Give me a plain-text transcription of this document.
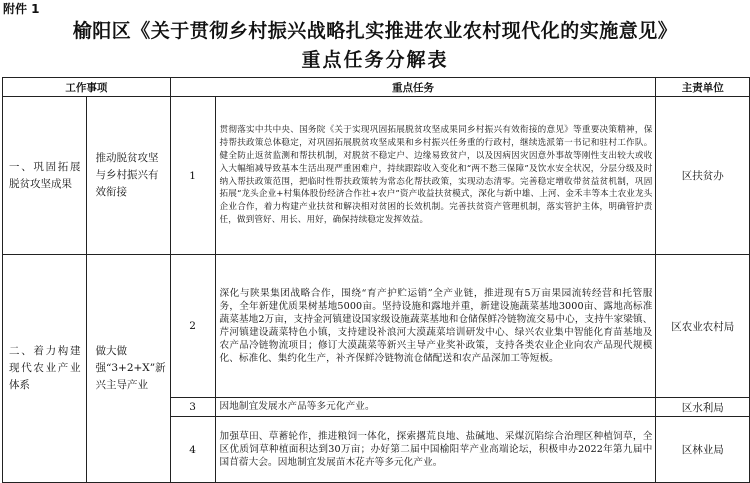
附件 1
榆阳区《关于贯彻乡村振兴战略扎实推进农业农村现代化的实施意见》
重点任务分解表
工作事项		重点任务		主责单位
一、巩固拓展脱贫攻坚成果	推动脱贫攻坚与乡村振兴有效衔接	1	贯彻落实中共中央、国务院《关于实现巩固拓展脱贫攻坚成果同乡村振兴有效衔接的意见》等重要决策精神，保持帮扶政策总体稳定，对巩固拓展脱贫攻坚成果和乡村振兴任务重的行政村，继续选派第一书记和驻村工作队。健全防止返贫监测和帮扶机制，对脱贫不稳定户、边缘易致贫户，以及因病因灾因意外事故等刚性支出较大或收入大幅缩减导致基本生活出现严重困难户，持续跟踪收入变化和“两不愁三保障”及饮水安全状况，分层分级及时纳入帮扶政策范围，把临时性帮扶政策转为常态化帮扶政策，实现动态清零。完善稳定增收带贫益贫机制，巩固拓展“龙头企业+村集体股份经济合作社+农户”资产收益扶贫模式，深化与新中雄、上河、金禾丰等本土农业龙头企业合作，着力构建产业扶贫和解决相对贫困的长效机制。完善扶贫资产管理机制，落实管护主体，明确管护责任，做到管好、用长、用好，确保持续稳定发挥效益。	区扶贫办
二、着力构建现代农业产业体系	做大做强“3+2+X”新兴主导产业	2	深化与陕果集团战略合作，围绕“育产护贮运销”全产业链，推进现有5万亩果园流转经营和托管服务，全年新建优质果树基地5000亩。坚持设施和露地并重，新建设施蔬菜基地3000亩、露地高标准蔬菜基地2万亩，支持金河镇建设国家级设施蔬菜基地和仓储保鲜冷链物流交易中心，支持牛家梁镇、芹河镇建设蔬菜特色小镇，支持建设补浪河大漠蔬菜培训研发中心、绿兴农业集中智能化育苗基地及农产品冷链物流项目；修订大漠蔬菜等新兴主导产业奖补政策，支持各类农业企业向农产品现代规模化、标准化、集约化生产，补齐保鲜冷链物流仓储配送和农产品深加工等短板。	区农业农村局
		3	因地制宜发展水产品等多元化产业。	区水利局
		4	加强草田、草蓄轮作，推进粮饲一体化，探索撂荒良地、盐碱地、采煤沉陷综合治理区种植饲草，全区优质饲草种植面积达到30万亩；办好第二届中国榆阳苹产业高端论坛，积极申办2022年第九届中国苜蓿大会。因地制宜发展苗木花卉等多元化产业。	区林业局
